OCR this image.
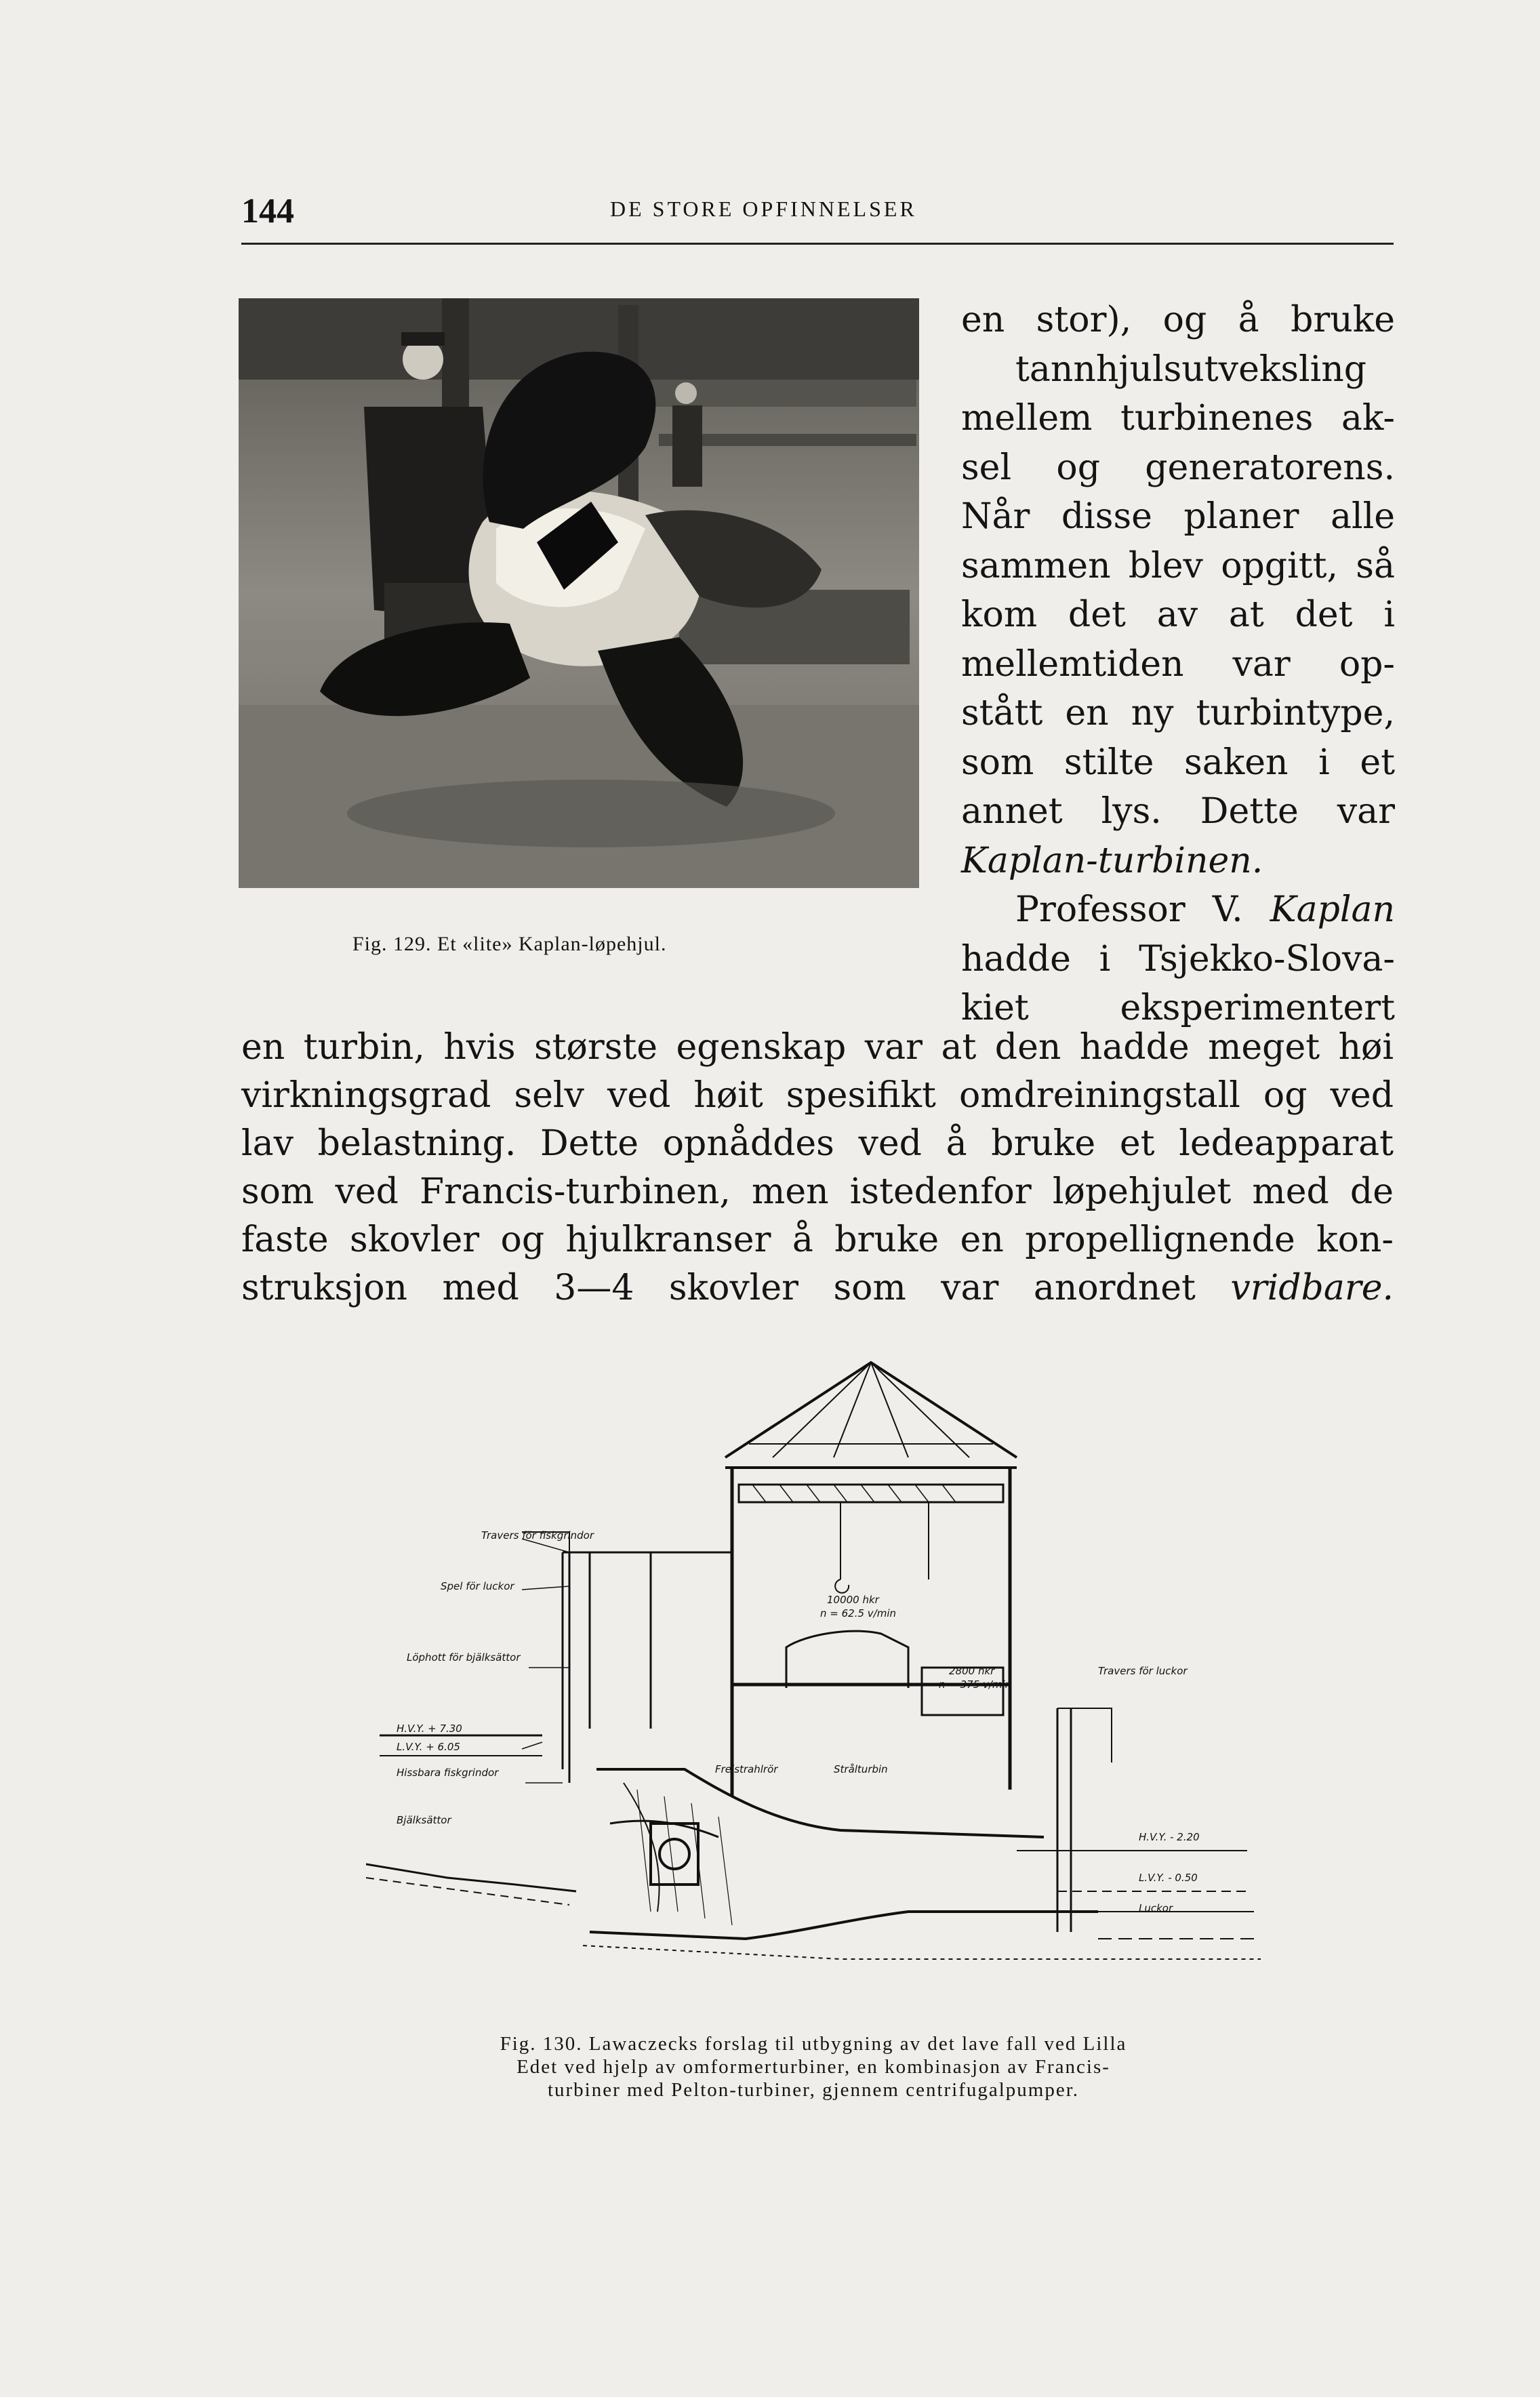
144	DE STORE OPFINNELSER
Fig. 129. Et «lite» Kaplan-løpehjul.
en stor), og å bruke
tannhjulsutveksling
mellem turbinenes ak-
sel og generatorens.
Når disse planer alle
sammen blev opgitt, så
kom det av at det i
mellemtiden var op-
stått en ny turbintype,
som stilte saken i et
annet lys. Dette var
Kaplan-turbinen.
Professor V. Kaplan
hadde i Tsjekko-Slova-
kiet eksperimentert
en turbin, hvis største egenskap var at den hadde meget høi
virkningsgrad selv ved høit spesifikt omdreiningstall og ved
lav belastning. Dette opnåddes ved å bruke et ledeapparat
som ved Francis-turbinen, men istedenfor løpehjulet med de
faste skovler og hjulkranser å bruke en propellignende kon-
struksjon med 3—4 skovler som var anordnet vridbare.
Travers för fiskgrindor
Spel för luckor
Löphott för bjälksättor
H.V.Y. + 7.30
L.V.Y. + 6.05
Hissbara fiskgrindor
Bjälksättor
10000 hkr
n = 62.5 v/min
2800 hkr
n = 375 v/min
Travers för luckor
H.V.Y. - 2.20
L.V.Y. - 0.50
Luckor
Freistrahlrör	Strålturbin
Fig. 130. Lawaczecks forslag til utbygning av det lave fall ved Lilla
Edet ved hjelp av omformerturbiner, en kombinasjon av Francis-
turbiner med Pelton-turbiner, gjennem centrifugalpumper.
